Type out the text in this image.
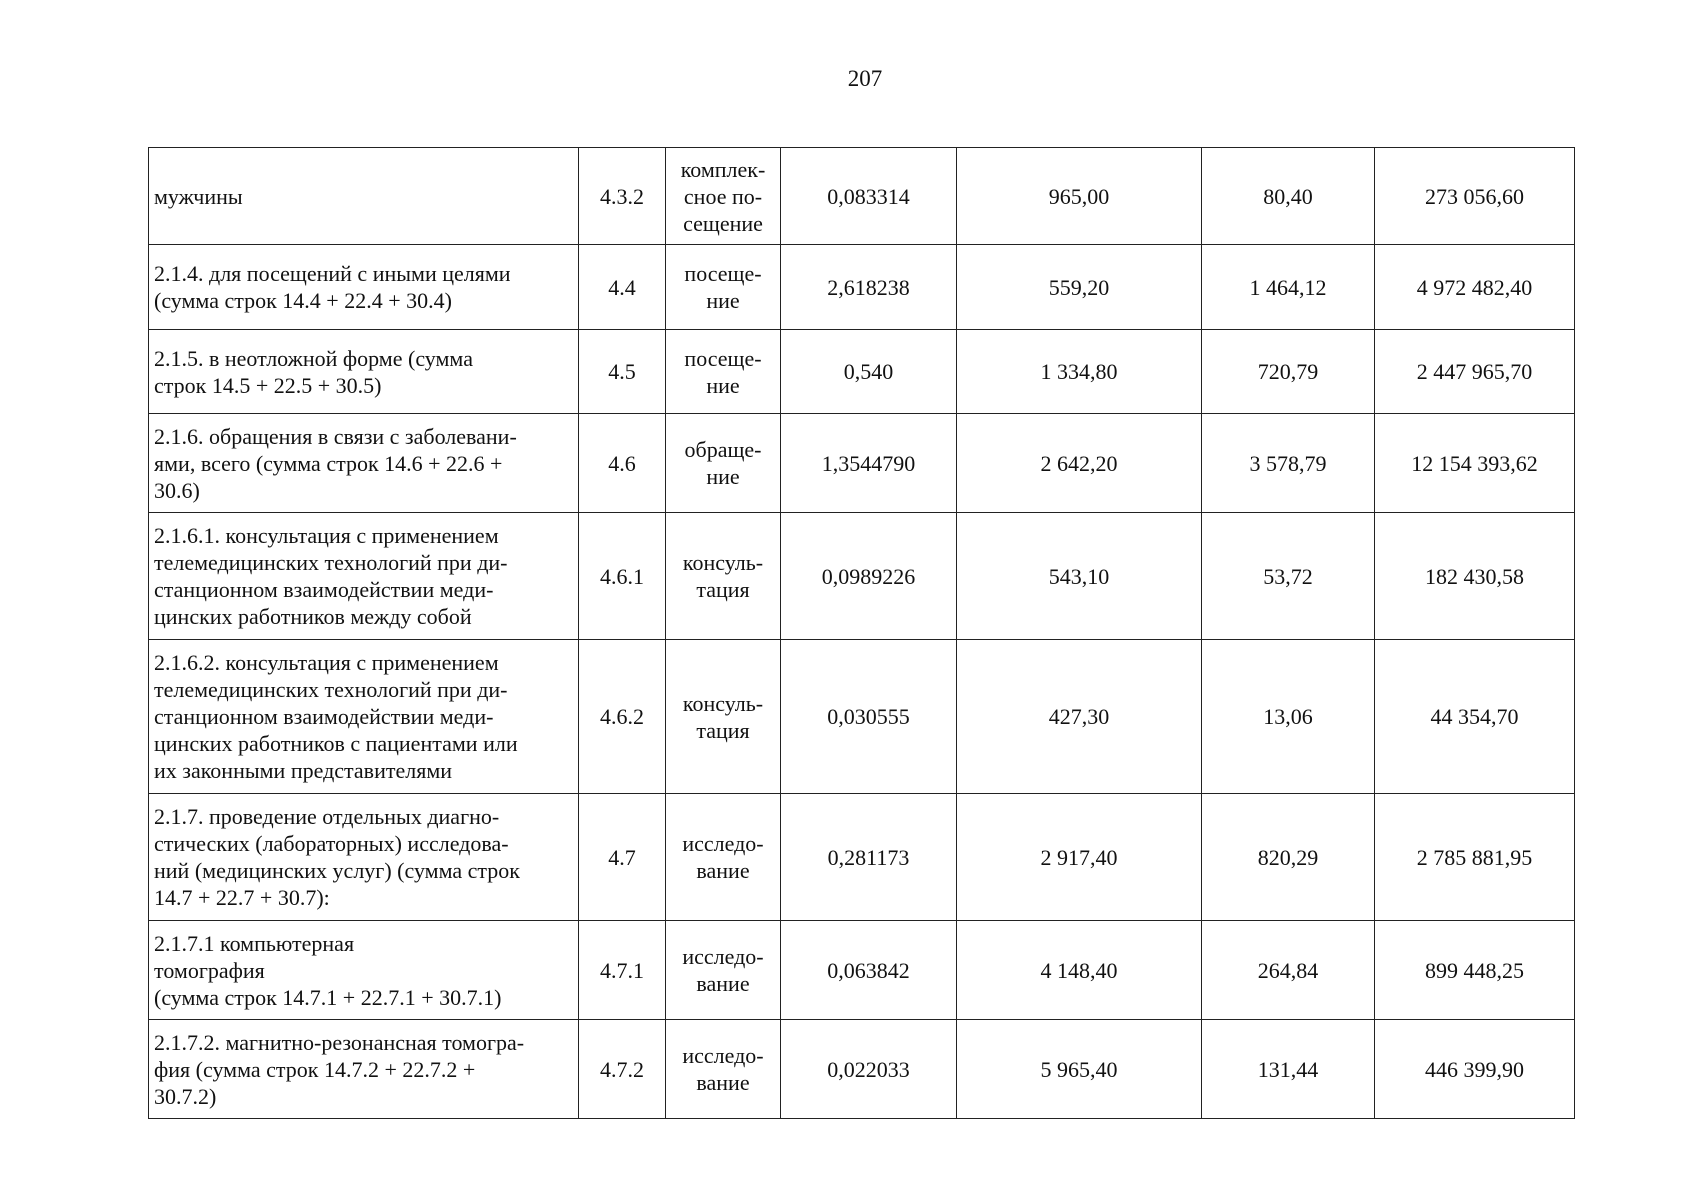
207
мужчины	4.3.2	комплек-
сное по-
сещение	0,083314	965,00	80,40	273 056,60
2.1.4. для посещений с иными целями
(сумма строк 14.4 + 22.4 + 30.4)	4.4	посеще-
ние	2,618238	559,20	1 464,12	4 972 482,40
2.1.5. в неотложной форме (сумма
строк 14.5 + 22.5 + 30.5)	4.5	посеще-
ние	0,540	1 334,80	720,79	2 447 965,70
2.1.6. обращения в связи с заболевани-
ями, всего (сумма строк 14.6 + 22.6 +
30.6)	4.6	обраще-
ние	1,3544790	2 642,20	3 578,79	12 154 393,62
2.1.6.1. консультация с применением
телемедицинских технологий при ди-
станционном взаимодействии меди-
цинских работников между собой	4.6.1	консуль-
тация	0,0989226	543,10	53,72	182 430,58
2.1.6.2. консультация с применением
телемедицинских технологий при ди-
станционном взаимодействии меди-
цинских работников с пациентами или
их законными представителями	4.6.2	консуль-
тация	0,030555	427,30	13,06	44 354,70
2.1.7. проведение отдельных диагно-
стических (лабораторных) исследова-
ний (медицинских услуг) (сумма строк
14.7 + 22.7 + 30.7):	4.7	исследо-
вание	0,281173	2 917,40	820,29	2 785 881,95
2.1.7.1 компьютерная
томография
(сумма строк 14.7.1 + 22.7.1 + 30.7.1)	4.7.1	исследо-
вание	0,063842	4 148,40	264,84	899 448,25
2.1.7.2. магнитно-резонансная томогра-
фия (сумма строк 14.7.2 + 22.7.2 +
30.7.2)	4.7.2	исследо-
вание	0,022033	5 965,40	131,44	446 399,90
